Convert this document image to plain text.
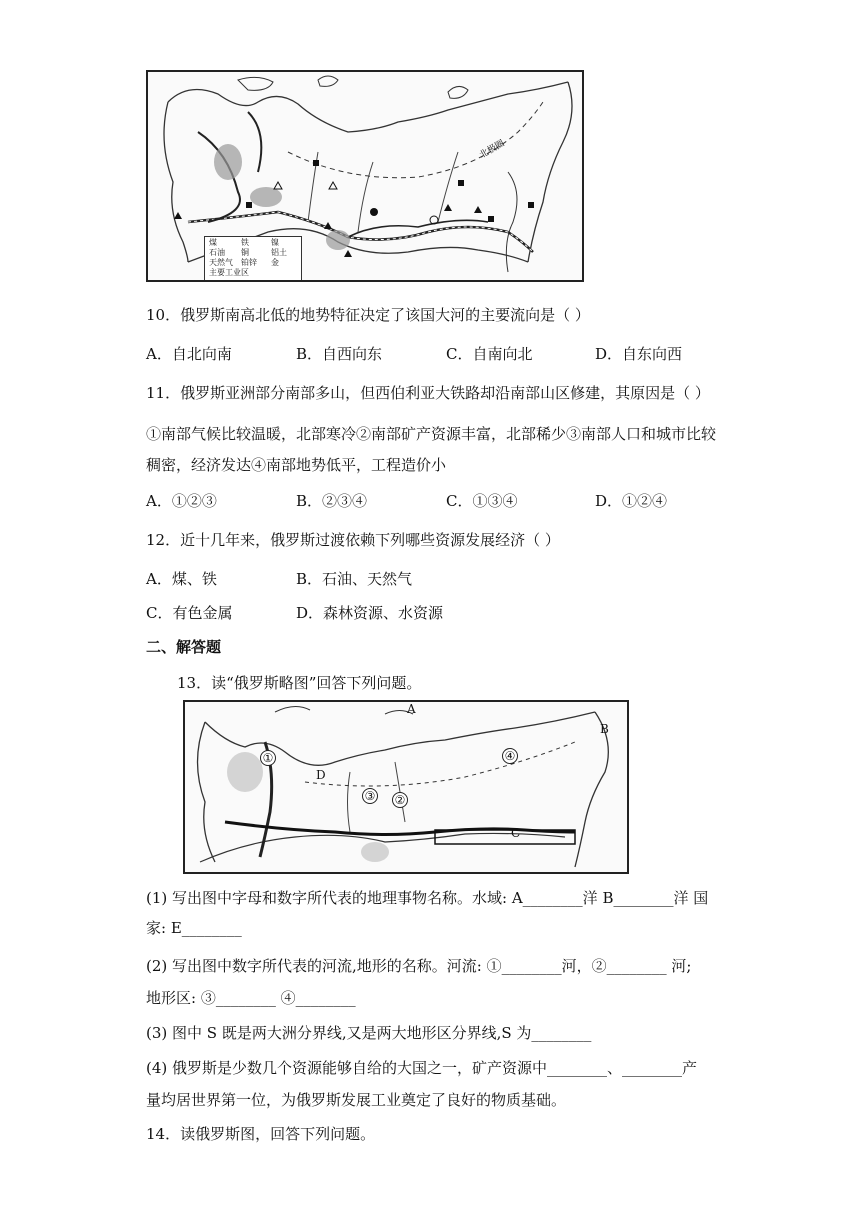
北极圈
煤	铁	镍
石油 铜	铝土
天然气 铂锌 金
主要工业区
10．俄罗斯南高北低的地势特征决定了该国大河的主要流向是（ ）
A．自北向南	B．自西向东	C．自南向北	D．自东向西
11．俄罗斯亚洲部分南部多山，但西伯利亚大铁路却沿南部山区修建，其原因是（ ）
①南部气候比较温暖，北部寒冷②南部矿产资源丰富，北部稀少③南部人口和城市比较
稠密，经济发达④南部地势低平，工程造价小
A．①②③	B．②③④	C．①③④	D．①②④
12．近十几年来，俄罗斯过渡依赖下列哪些资源发展经济（ ）
A．煤、铁	B．石油、天然气
C．有色金属	D．森林资源、水资源
二、解答题
13．读“俄罗斯略图”回答下列问题。
A
B
C
D
①
②
③
④
(1) 写出图中字母和数字所代表的地理事物名称。水域: A________洋 B________洋 国
家: E________
(2) 写出图中数字所代表的河流,地形的名称。河流: ①________河，②________ 河;
地形区: ③________ ④________
(3) 图中 S 既是两大洲分界线,又是两大地形区分界线,S 为________
(4) 俄罗斯是少数几个资源能够自给的大国之一，矿产资源中________、________产
量均居世界第一位，为俄罗斯发展工业奠定了良好的物质基础。
14．读俄罗斯图，回答下列问题。
